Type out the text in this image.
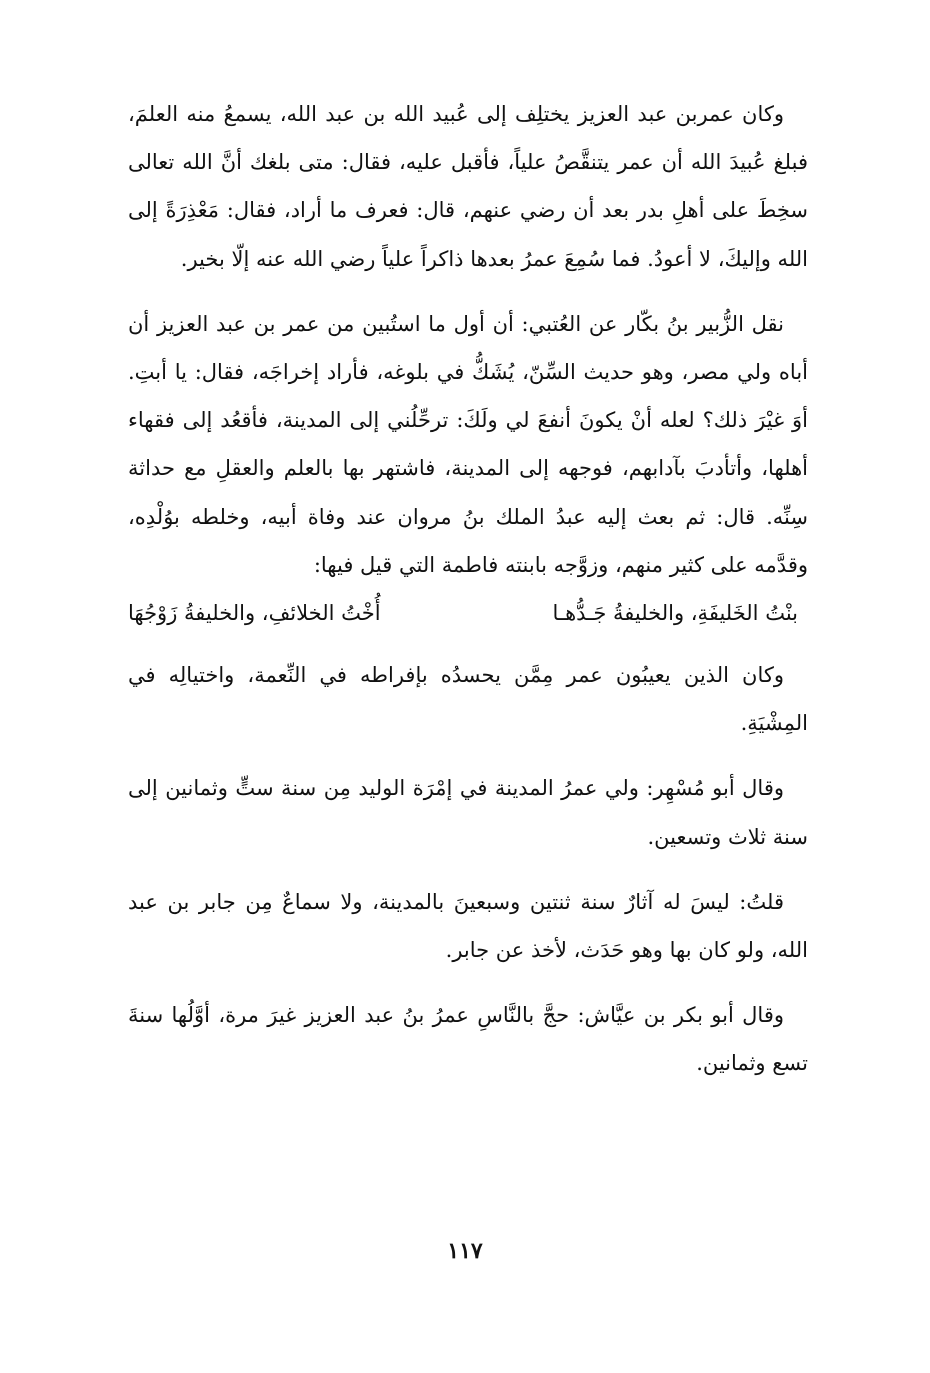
وكان عمربن عبد العزيز يختلِف إلى عُبيد الله بن عبد الله، يسمعُ منه العلمَ، فبلغ عُبيدَ الله أن عمر يتنقَّصُ علياً، فأقبل عليه، فقال: متى بلغك أنَّ الله تعالى سخِطَ على أهلِ بدر بعد أن رضي عنهم، قال: فعرف ما أراد، فقال: مَعْذِرَةً إلى الله وإليكَ، لا أعودُ. فما سُمِعَ عمرُ بعدها ذاكراً علياً رضي الله عنه إلّا بخير.

نقل الزُّبير بنُ بكّار عن العُتبي: أن أول ما استُبين من عمر بن عبد العزيز أن أباه ولي مصر، وهو حديث السِّنّ، يُشَكُّ في بلوغه، فأراد إخراجَه، فقال: يا أبتِ. أوَ غيْرَ ذلك؟ لعله أنْ يكونَ أنفعَ لي ولَكَ: ترحِّلُني إلى المدينة، فأقعُد إلى فقهاء أهلها، وأتأدبَ بآدابهم، فوجهه إلى المدينة، فاشتهر بها بالعلم والعقلِ مع حداثة سِنِّه. قال: ثم بعث إليه عبدُ الملك بنُ مروان عند وفاة أبيه، وخلطه بوُلْدِه، وقدَّمه على كثير منهم، وزوَّجه بابنته فاطمة التي قيل فيها:

بنْتُ الخَليفَةِ، والخليفةُ جَـدُّهـا
أُخْتُ الخلائفِ، والخليفةُ زَوْجُهَا

وكان الذين يعيبُون عمر مِمَّن يحسدُه بإفراطه في النِّعمة، واختيالِه في المِشْيَةِ.

وقال أبو مُسْهِر: ولي عمرُ المدينة في إمْرَة الوليد مِن سنة ستٍّ وثمانين إلى سنة ثلاث وتسعين.

قلتُ: ليسَ له آثارٌ سنة ثنتين وسبعينَ بالمدينة، ولا سماعٌ مِن جابر بن عبد الله، ولو كان بها وهو حَدَث، لأخذ عن جابر.

وقال أبو بكر بن عيَّاش: حجَّ بالنَّاسِ عمرُ بنُ عبد العزيز غيرَ مرة، أوَّلُها سنةَ تسع وثمانين.

١١٧
